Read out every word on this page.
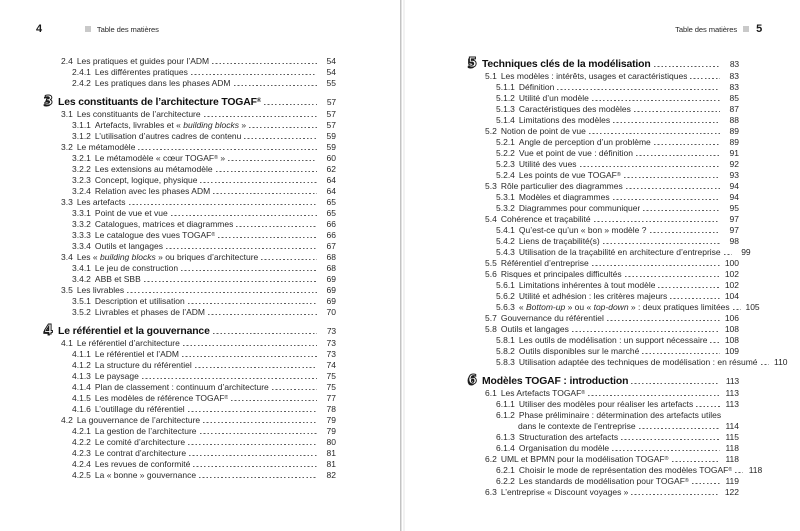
4	Table des matières
2.4 Les pratiques et guides pour l’ADM	54
2.4.1 Les différentes pratiques	54
2.4.2 Les pratiques dans les phases ADM	55
3 Les constituants de l’architecture TOGAF®	57
3.1 Les constituants de l’architecture	57
3.1.1 Artefacts, livrables et « building blocks »	57
3.1.2 L’utilisation d’autres cadres de contenu	59
3.2 Le métamodèle	59
3.2.1 Le métamodèle « cœur TOGAF® »	60
3.2.2 Les extensions au métamodèle	62
3.2.3 Concept, logique, physique	64
3.2.4 Relation avec les phases ADM	64
3.3 Les artefacts	65
3.3.1 Point de vue et vue	65
3.3.2 Catalogues, matrices et diagrammes	66
3.3.3 Le catalogue des vues TOGAF®	66
3.3.4 Outils et langages	67
3.4 Les « building blocks » ou briques d’architecture	68
3.4.1 Le jeu de construction	68
3.4.2 ABB et SBB	69
3.5 Les livrables	69
3.5.1 Description et utilisation	69
3.5.2 Livrables et phases de l’ADM	70
4 Le référentiel et la gouvernance	73
4.1 Le référentiel d’architecture	73
4.1.1 Le référentiel et l’ADM	73
4.1.2 La structure du référentiel	74
4.1.3 Le paysage	75
4.1.4 Plan de classement : continuum d’architecture	75
4.1.5 Les modèles de référence TOGAF®	77
4.1.6 L’outillage du référentiel	78
4.2 La gouvernance de l’architecture	79
4.2.1 La gestion de l’architecture	79
4.2.2 Le comité d’architecture	80
4.2.3 Le contrat d’architecture	81
4.2.4 Les revues de conformité	81
4.2.5 La « bonne » gouvernance	82
Table des matières 5
5 Techniques clés de la modélisation	83
5.1 Les modèles : intérêts, usages et caractéristiques	83
5.1.1 Définition	83
5.1.2 Utilité d’un modèle	85
5.1.3 Caractéristiques des modèles	87
5.1.4 Limitations des modèles	88
5.2 Notion de point de vue	89
5.2.1 Angle de perception d’un problème	89
5.2.2 Vue et point de vue : définition	91
5.2.3 Utilité des vues	92
5.2.4 Les points de vue TOGAF®	93
5.3 Rôle particulier des diagrammes	94
5.3.1 Modèles et diagrammes	94
5.3.2 Diagrammes pour communiquer	95
5.4 Cohérence et traçabilité	97
5.4.1 Qu’est-ce qu’un « bon » modèle ?	97
5.4.2 Liens de traçabilité(s)	98
5.4.3 Utilisation de la traçabilité en architecture d’entreprise	99
5.5 Référentiel d’entreprise	100
5.6 Risques et principales difficultés	102
5.6.1 Limitations inhérentes à tout modèle	102
5.6.2 Utilité et adhésion : les critères majeurs	104
5.6.3 « Bottom-up » ou « top-down » : deux pratiques limitées 105
5.7 Gouvernance du référentiel	106
5.8 Outils et langages	108
5.8.1 Les outils de modélisation : un support nécessaire 108
5.8.2 Outils disponibles sur le marché	109
5.8.3 Utilisation adaptée des techniques de modélisation : en résumé 110
6 Modèles TOGAF : introduction	113
6.1 Les Artefacts TOGAF®	113
6.1.1 Utiliser des modèles pour réaliser les artefacts	113
6.1.2 Phase préliminaire : détermination des artefacts utiles
dans le contexte de l’entreprise	114
6.1.3 Structuration des artefacts	115
6.1.4 Organisation du modèle	118
6.2 UML et BPMN pour la modélisation TOGAF®	118
6.2.1 Choisir le mode de représentation des modèles TOGAF® 118
6.2.2 Les standards de modélisation pour TOGAF®	119
6.3 L’entreprise « Discount voyages »	122
